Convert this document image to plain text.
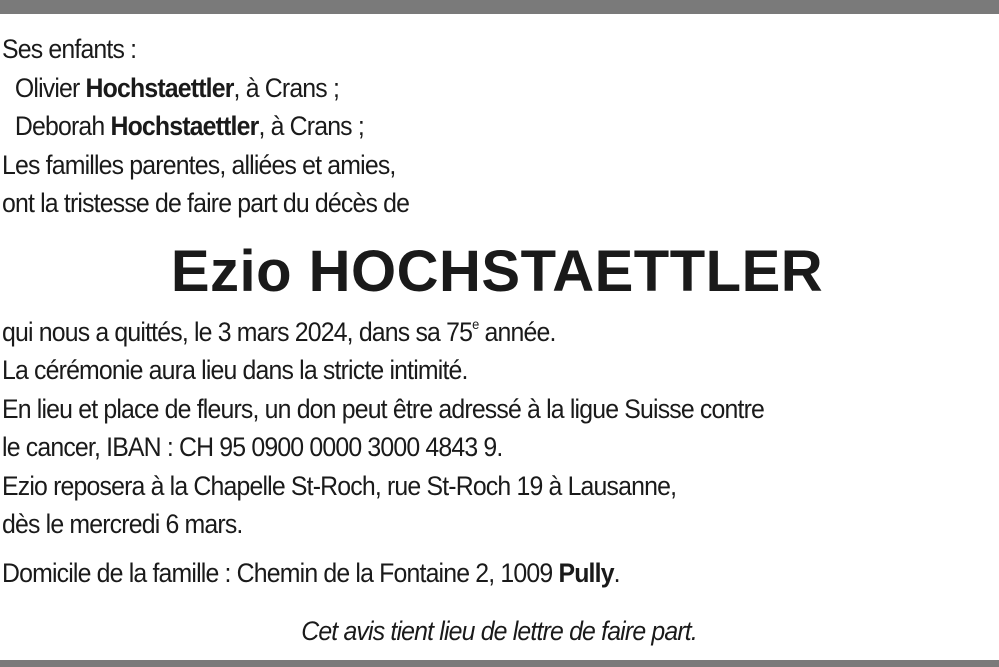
Ses enfants :
Olivier Hochstaettler, à Crans ;
Deborah Hochstaettler, à Crans ;
Les familles parentes, alliées et amies,
ont la tristesse de faire part du décès de
Ezio HOCHSTAETTLER
qui nous a quittés, le 3 mars 2024, dans sa 75e année.
La cérémonie aura lieu dans la stricte intimité.
En lieu et place de fleurs, un don peut être adressé à la ligue Suisse contre
le cancer, IBAN : CH 95 0900 0000 3000 4843 9.
Ezio reposera à la Chapelle St-Roch, rue St-Roch 19 à Lausanne,
dès le mercredi 6 mars.
Domicile de la famille : Chemin de la Fontaine 2, 1009 Pully.
Cet avis tient lieu de lettre de faire part.
